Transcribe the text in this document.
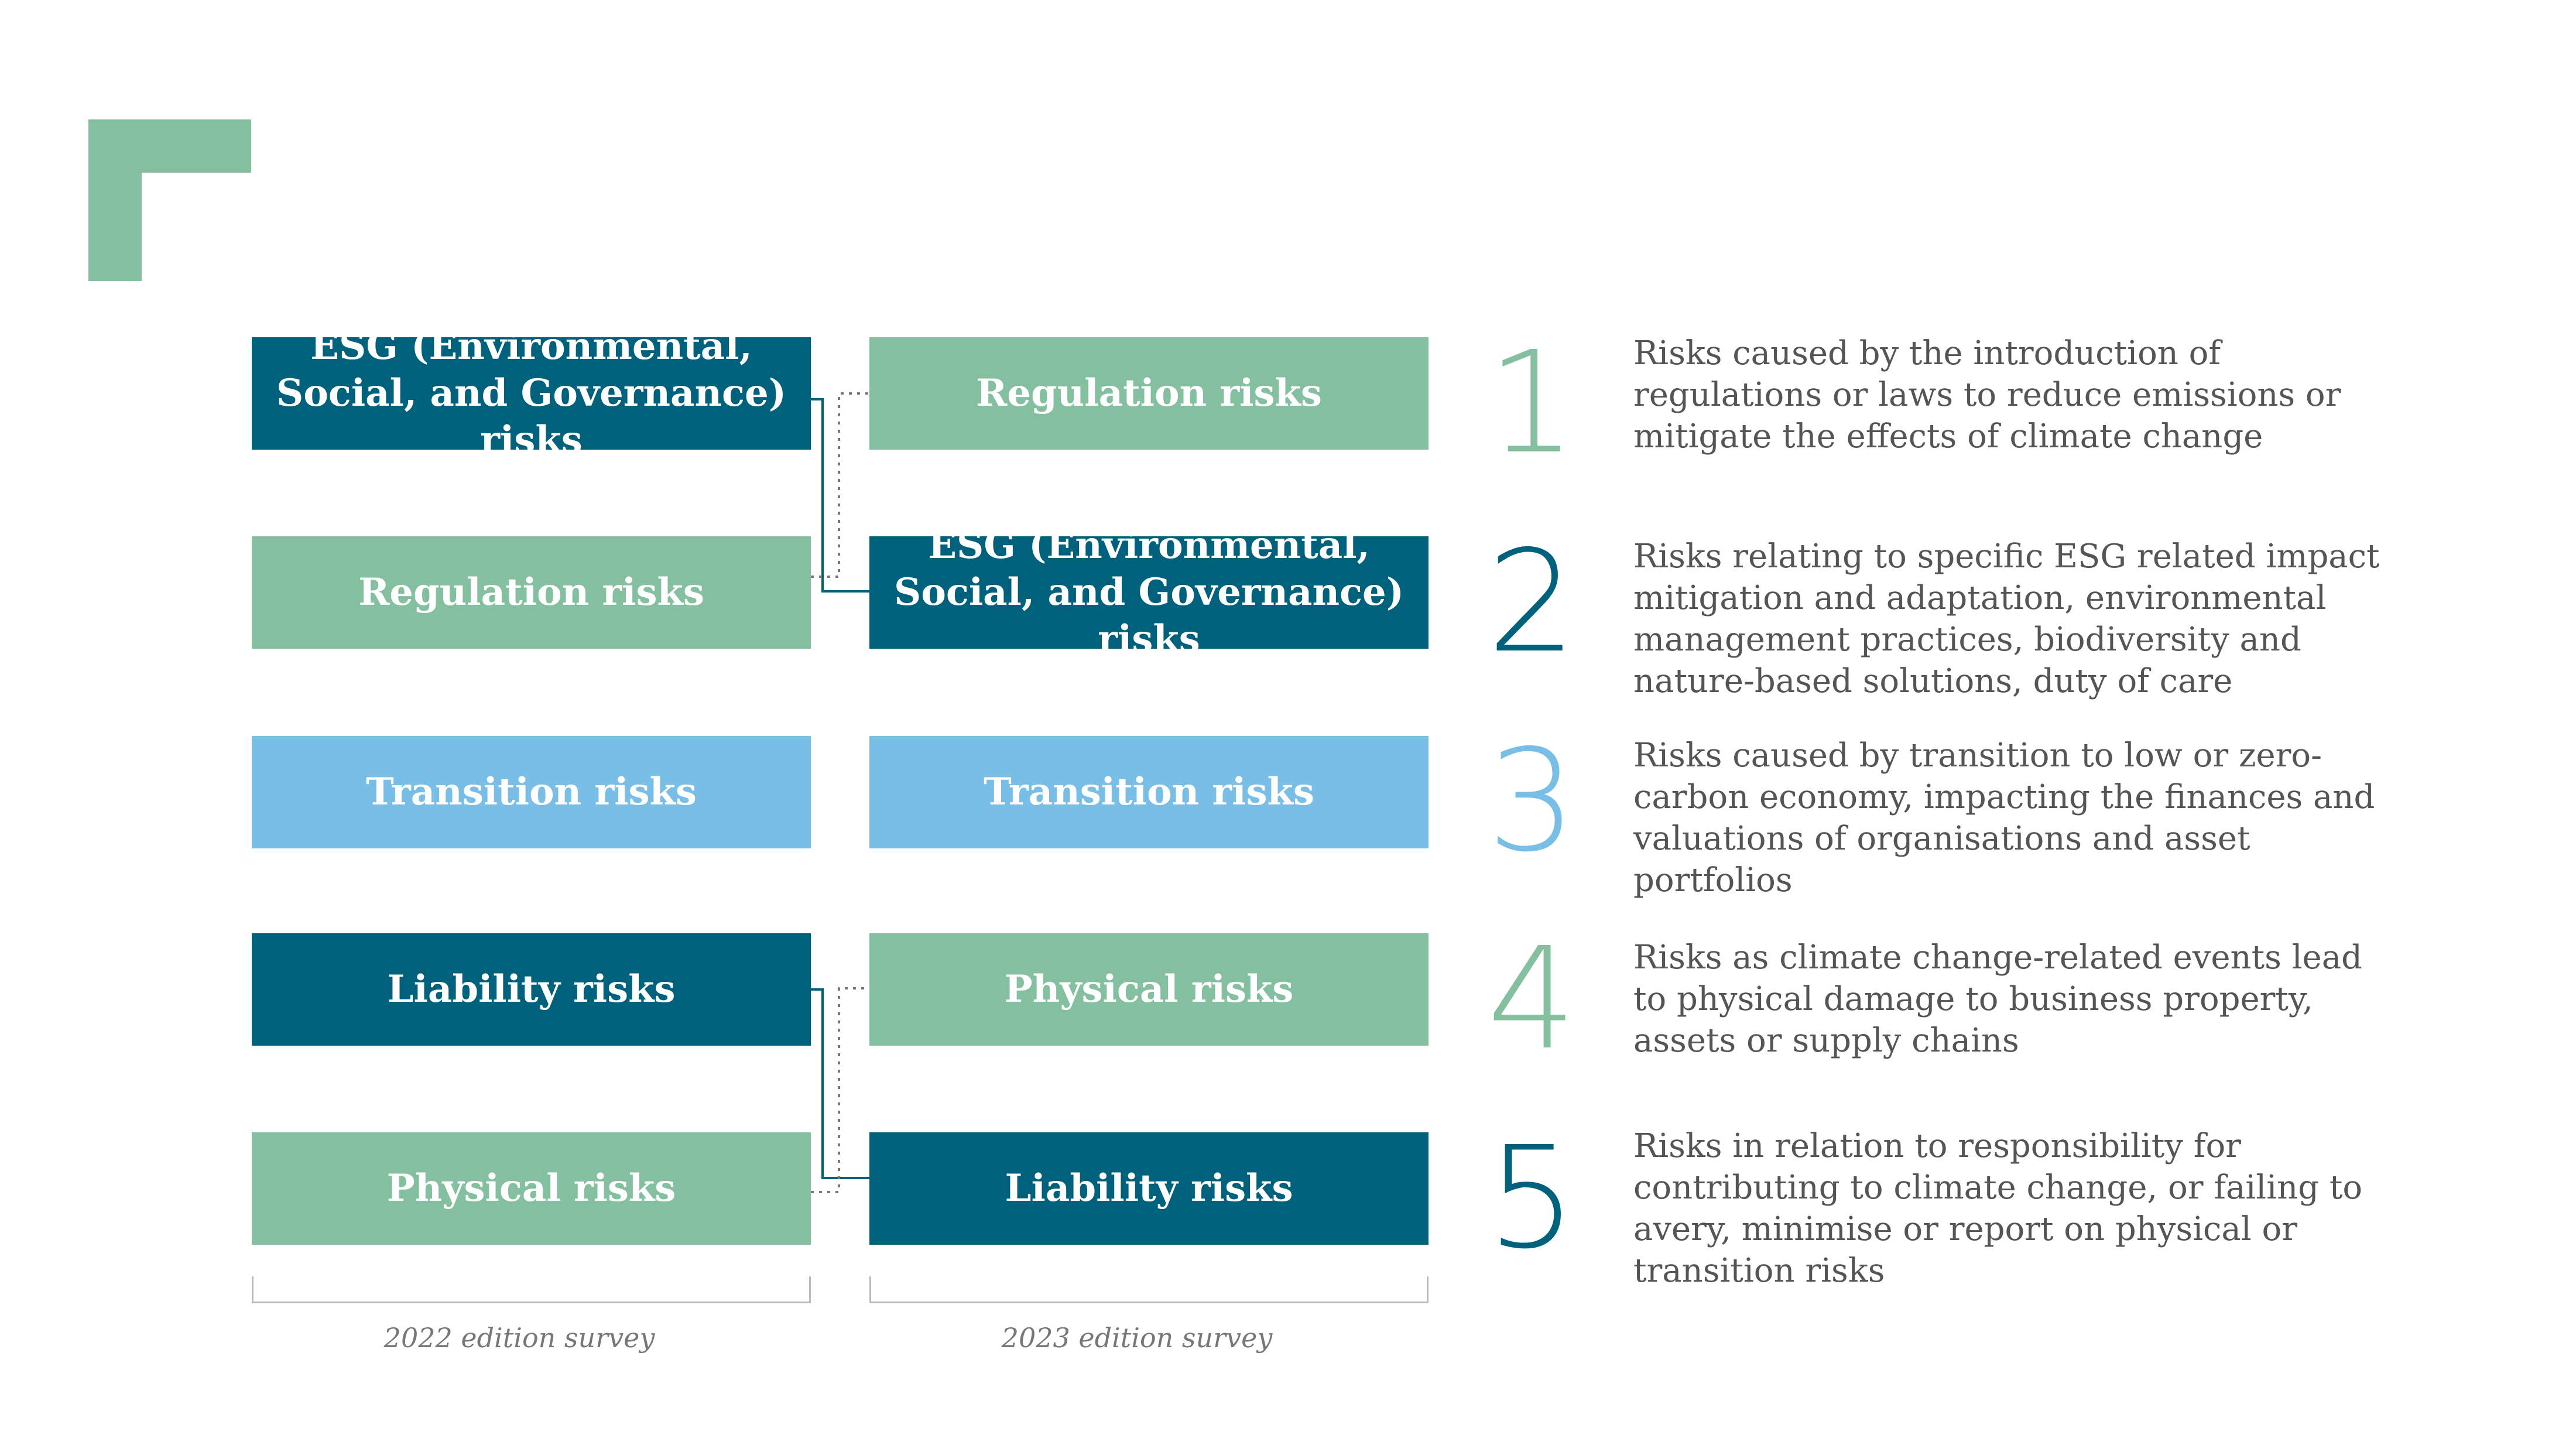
ESG (Environmental, Social, and Governance) risks
Regulation risks
Transition risks
Liability risks
Physical risks
Regulation risks
ESG (Environmental, Social, and Governance) risks
Transition risks
Physical risks
Liability risks
2022 edition survey	2023 edition survey
1
2
3
4
5
Risks caused by the introduction of regulations or laws to reduce emissions or mitigate the effects of climate change
Risks relating to specific ESG related impact mitigation and adaptation, environmental management practices, biodiversity and nature-based solutions, duty of care
Risks caused by transition to low or zero-carbon economy, impacting the finances and valuations of organisations and asset portfolios
Risks as climate change-related events lead to physical damage to business property, assets or supply chains
Risks in relation to responsibility for contributing to climate change, or failing to avery, minimise or report on physical or transition risks
